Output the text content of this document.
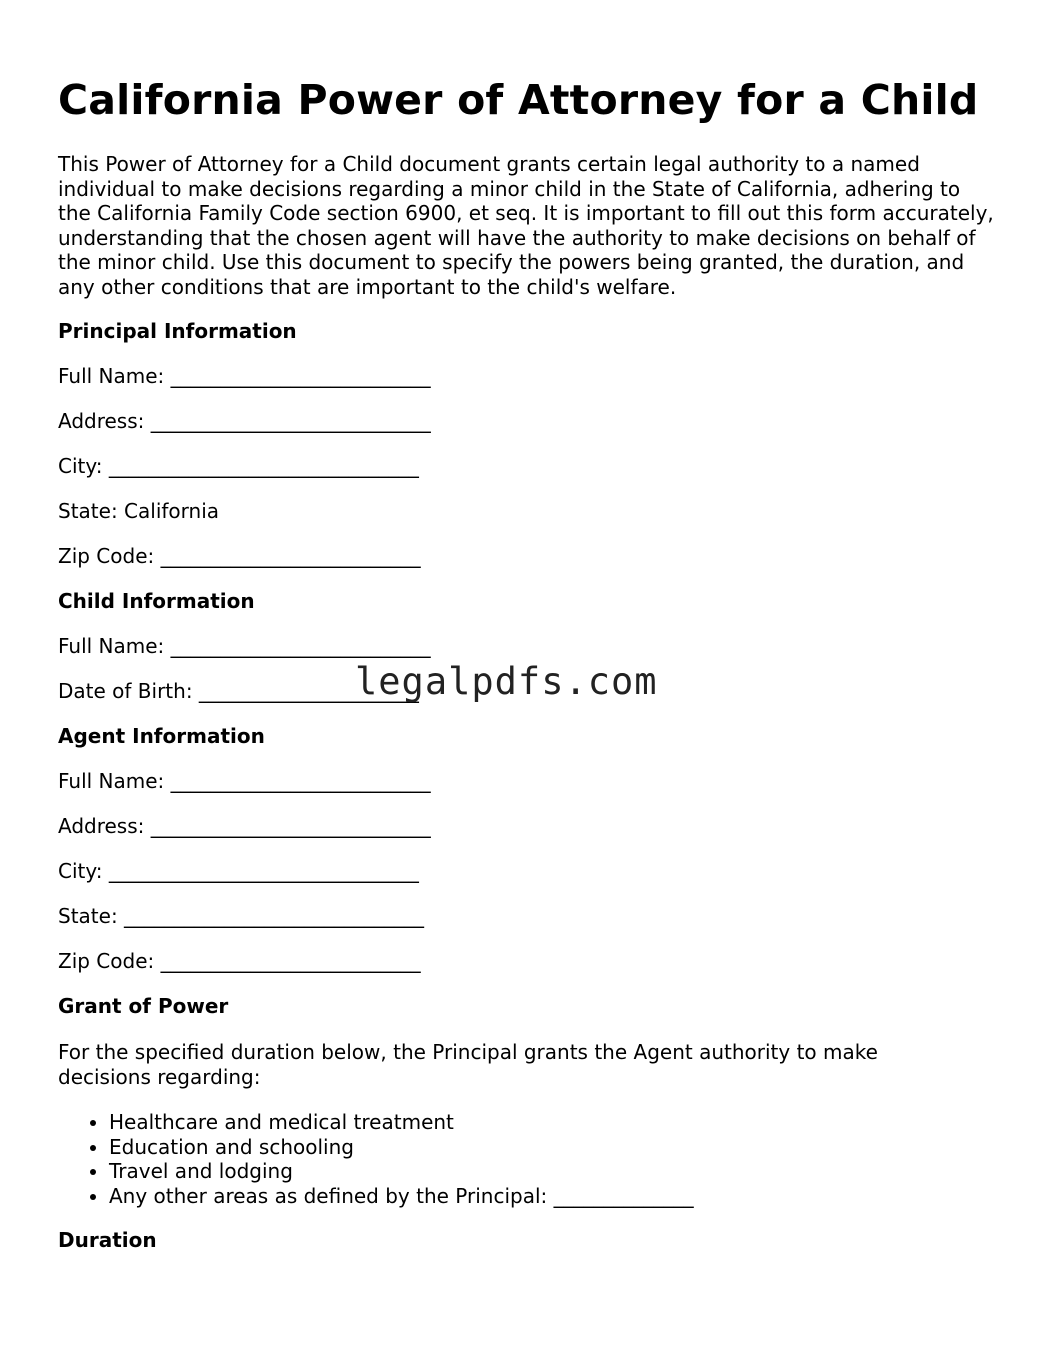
California Power of Attorney for a Child

This Power of Attorney for a Child document grants certain legal authority to a named individual to make decisions regarding a minor child in the State of California, adhering to the California Family Code section 6900, et seq. It is important to fill out this form accurately, understanding that the chosen agent will have the authority to make decisions on behalf of the minor child. Use this document to specify the powers being granted, the duration, and any other conditions that are important to the child's welfare.

Principal Information

Full Name: __________________________

Address: ____________________________

City: _______________________________

State: California

Zip Code: __________________________

Child Information

Full Name: __________________________

Date of Birth: ______________________

Agent Information

Full Name: __________________________

Address: ____________________________

City: _______________________________

State: ______________________________

Zip Code: __________________________

Grant of Power

For the specified duration below, the Principal grants the Agent authority to make decisions regarding:

• Healthcare and medical treatment
• Education and schooling
• Travel and lodging
• Any other areas as defined by the Principal: ______________

Duration

legalpdfs.com
